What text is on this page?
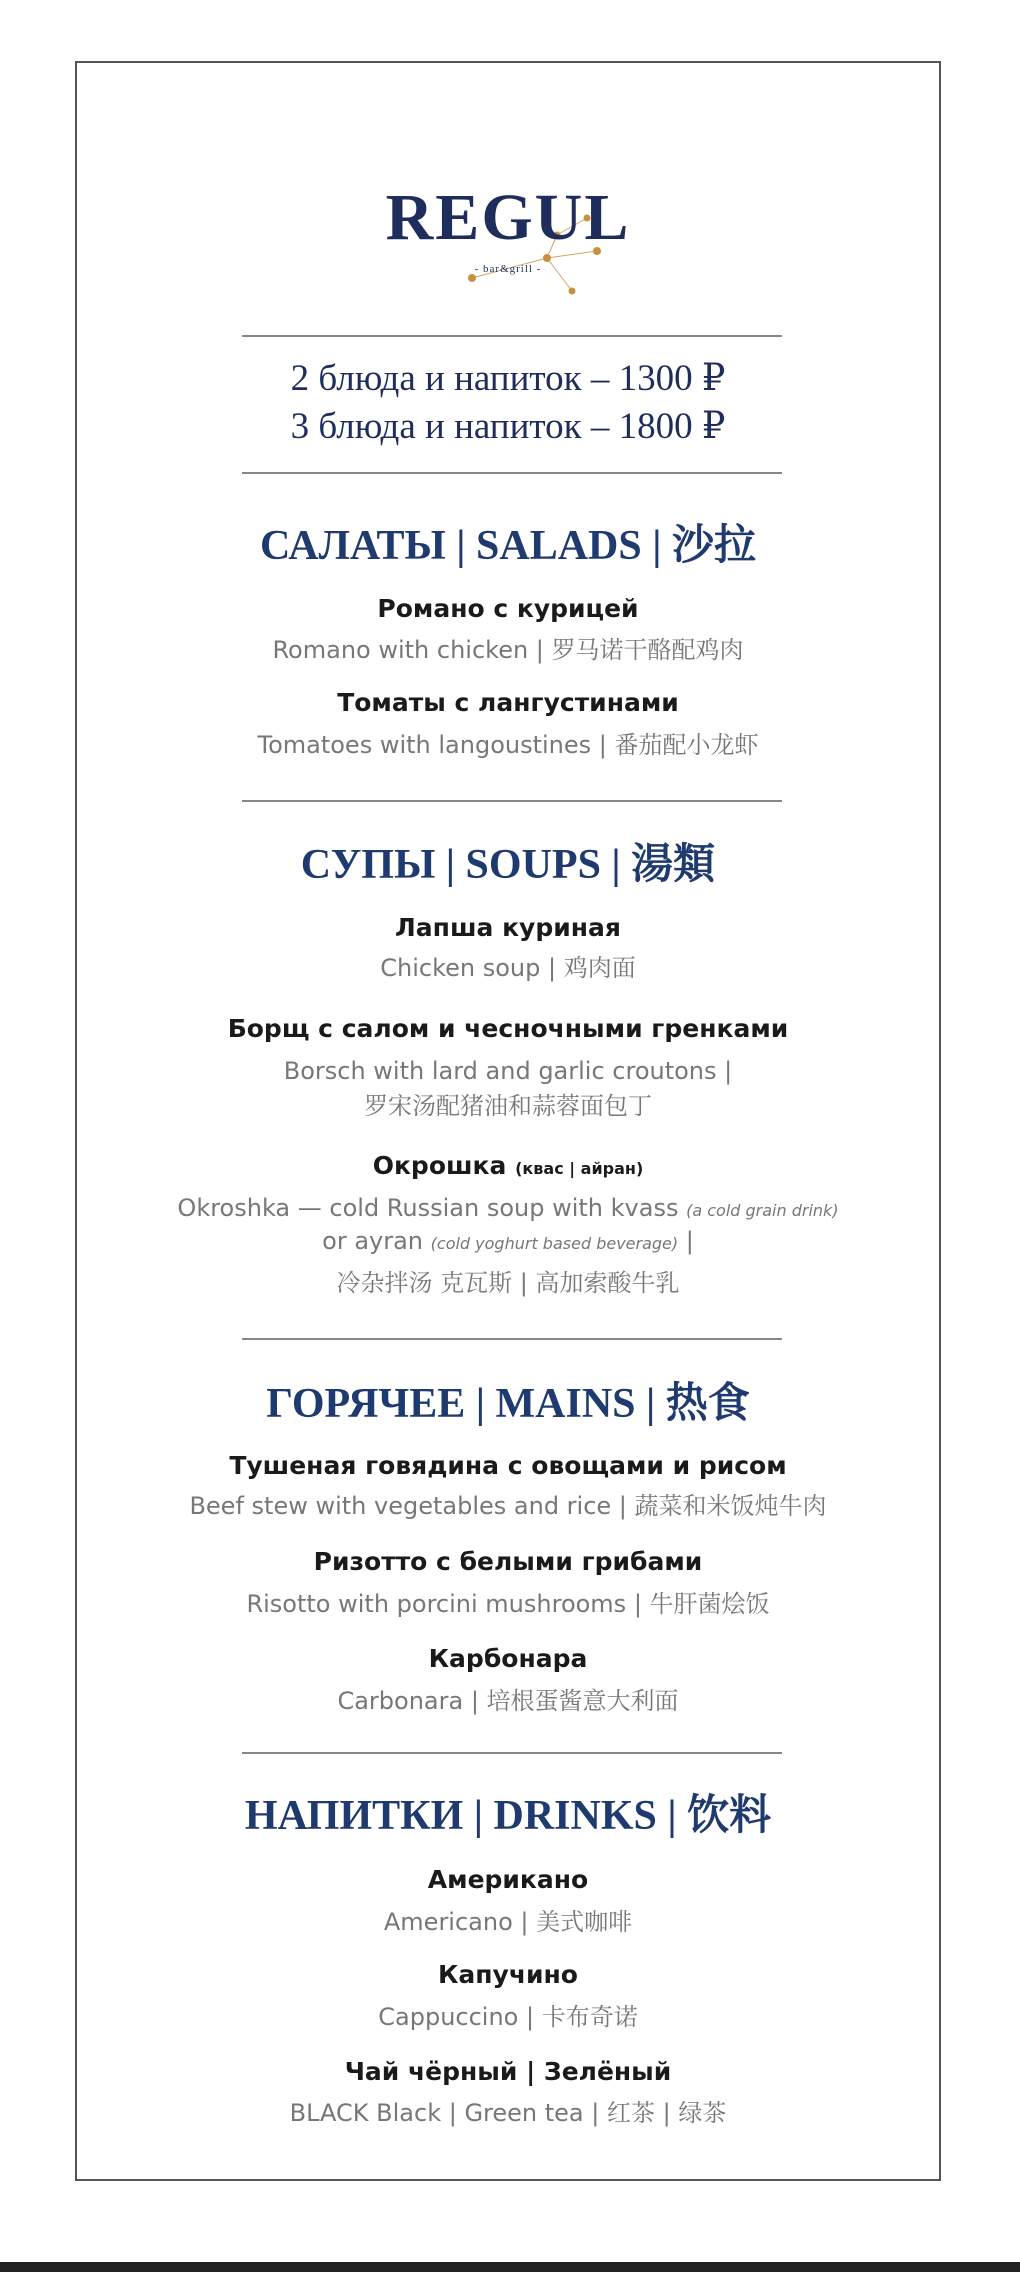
REGUL
- bar&grill -
2 блюда и напиток – 1300 ₽
3 блюда и напиток – 1800 ₽
САЛАТЫ | SALADS | 沙拉
Романо с курицей
Romano with chicken | 罗马诺干酪配鸡肉
Томаты с лангустинами
Tomatoes with langoustines | 番茄配小龙虾
СУПЫ | SOUPS | 湯類
Лапша куриная
Chicken soup | 鸡肉面
Борщ с салом и чесночными гренками
Borsch with lard and garlic croutons |
罗宋汤配猪油和蒜蓉面包丁
Окрошка (квас | айран)
Okroshka — cold Russian soup with kvass (a cold grain drink)
or ayran (cold yoghurt based beverage) |
冷杂拌汤 克瓦斯 | 高加索酸牛乳
ГОРЯЧЕЕ | MAINS | 热食
Тушеная говядина с овощами и рисом
Beef stew with vegetables and rice | 蔬菜和米饭炖牛肉
Ризотто с белыми грибами
Risotto with porcini mushrooms | 牛肝菌烩饭
Карбонара
Carbonara | 培根蛋酱意大利面
НАПИТКИ | DRINKS | 饮料
Американо
Americano | 美式咖啡
Капучино
Cappuccino | 卡布奇诺
Чай чёрный | Зелёный
BLACK Black | Green tea | 红茶 | 绿茶
